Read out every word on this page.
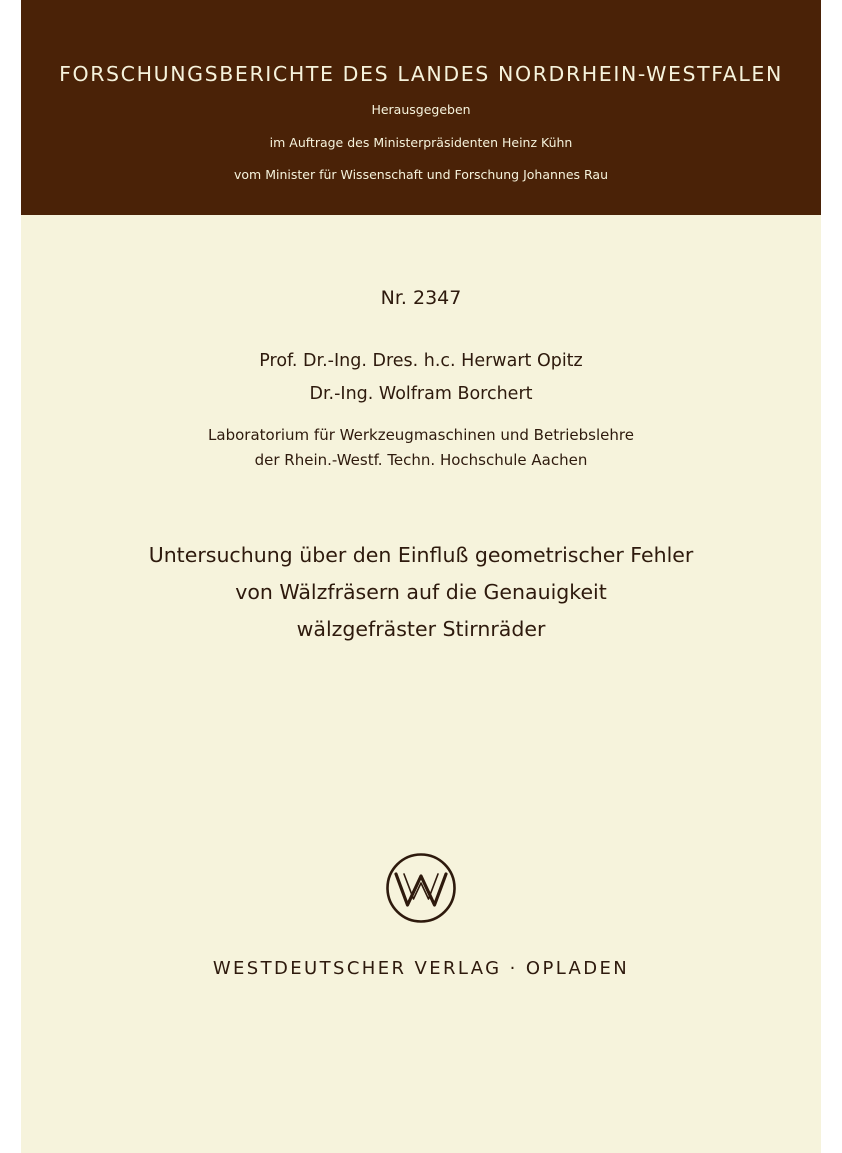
FORSCHUNGSBERICHTE DES LANDES NORDRHEIN-WESTFALEN
Herausgegeben
im Auftrage des Ministerpräsidenten Heinz Kühn
vom Minister für Wissenschaft und Forschung Johannes Rau
Nr. 2347
Prof. Dr.-Ing. Dres. h.c. Herwart Opitz
Dr.-Ing. Wolfram Borchert
Laboratorium für Werkzeugmaschinen und Betriebslehre
der Rhein.-Westf. Techn. Hochschule Aachen
Untersuchung über den Einfluß geometrischer Fehler
von Wälzfräsern auf die Genauigkeit
wälzgefräster Stirnräder
WESTDEUTSCHER VERLAG · OPLADEN
